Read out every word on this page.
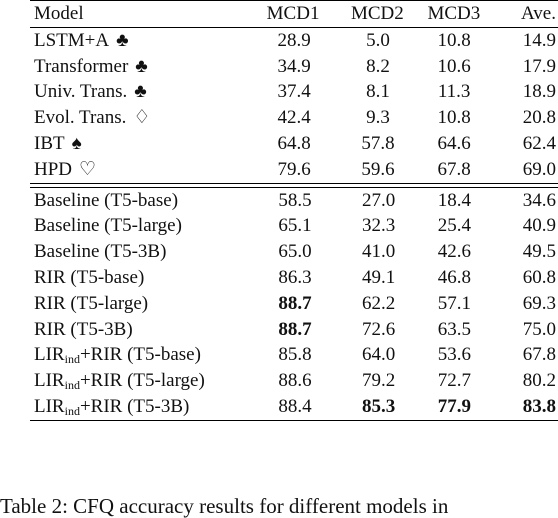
Model	MCD1	MCD2	MCD3	Ave.
LSTM+A ♣	28.9	5.0	10.8	14.9
Transformer ♣	34.9	8.2	10.6	17.9
Univ. Trans. ♣	37.4	8.1	11.3	18.9
Evol. Trans. ♢	42.4	9.3	10.8	20.8
IBT ♠	64.8	57.8	64.6	62.4
HPD ♡	79.6	59.6	67.8	69.0
Baseline (T5-base)	58.5	27.0	18.4	34.6
Baseline (T5-large)	65.1	32.3	25.4	40.9
Baseline (T5-3B)	65.0	41.0	42.6	49.5
RIR (T5-base)	86.3	49.1	46.8	60.8
RIR (T5-large)	88.7	62.2	57.1	69.3
RIR (T5-3B)	88.7	72.6	63.5	75.0
$LIR_{ind}+RIR$ (T5-base)	85.8	64.0	53.6	67.8
$LIR_{ind}+RIR$ (T5-large)	88.6	79.2	72.7	80.2
$LIR_{ind}+RIR$ (T5-3B)	88.4	85.3	77.9	83.8
Table 2: CFQ accuracy results for different models in
